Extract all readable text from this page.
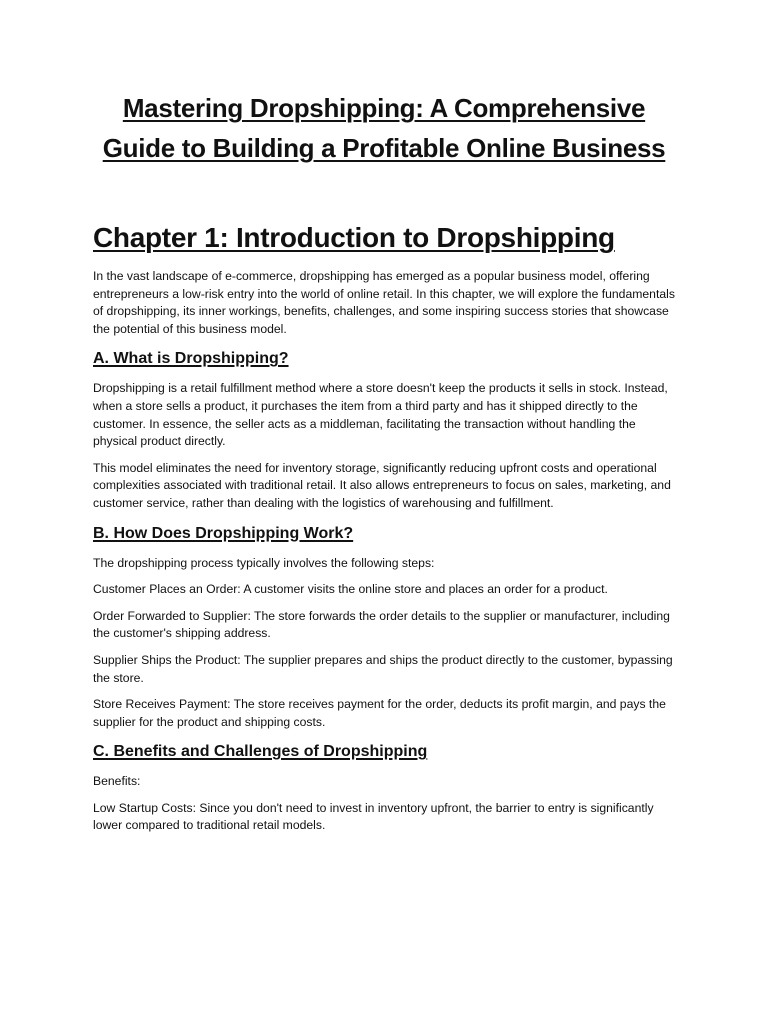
Mastering Dropshipping: A Comprehensive Guide to Building a Profitable Online Business
Chapter 1: Introduction to Dropshipping

In the vast landscape of e-commerce, dropshipping has emerged as a popular business model, offering entrepreneurs a low-risk entry into the world of online retail. In this chapter, we will explore the fundamentals of dropshipping, its inner workings, benefits, challenges, and some inspiring success stories that showcase the potential of this business model.

A. What is Dropshipping?

Dropshipping is a retail fulfillment method where a store doesn't keep the products it sells in stock. Instead, when a store sells a product, it purchases the item from a third party and has it shipped directly to the customer. In essence, the seller acts as a middleman, facilitating the transaction without handling the physical product directly.

This model eliminates the need for inventory storage, significantly reducing upfront costs and operational complexities associated with traditional retail. It also allows entrepreneurs to focus on sales, marketing, and customer service, rather than dealing with the logistics of warehousing and fulfillment.

B. How Does Dropshipping Work?

The dropshipping process typically involves the following steps:

Customer Places an Order: A customer visits the online store and places an order for a product.

Order Forwarded to Supplier: The store forwards the order details to the supplier or manufacturer, including the customer's shipping address.

Supplier Ships the Product: The supplier prepares and ships the product directly to the customer, bypassing the store.

Store Receives Payment: The store receives payment for the order, deducts its profit margin, and pays the supplier for the product and shipping costs.

C. Benefits and Challenges of Dropshipping

Benefits:

Low Startup Costs: Since you don't need to invest in inventory upfront, the barrier to entry is significantly lower compared to traditional retail models.
